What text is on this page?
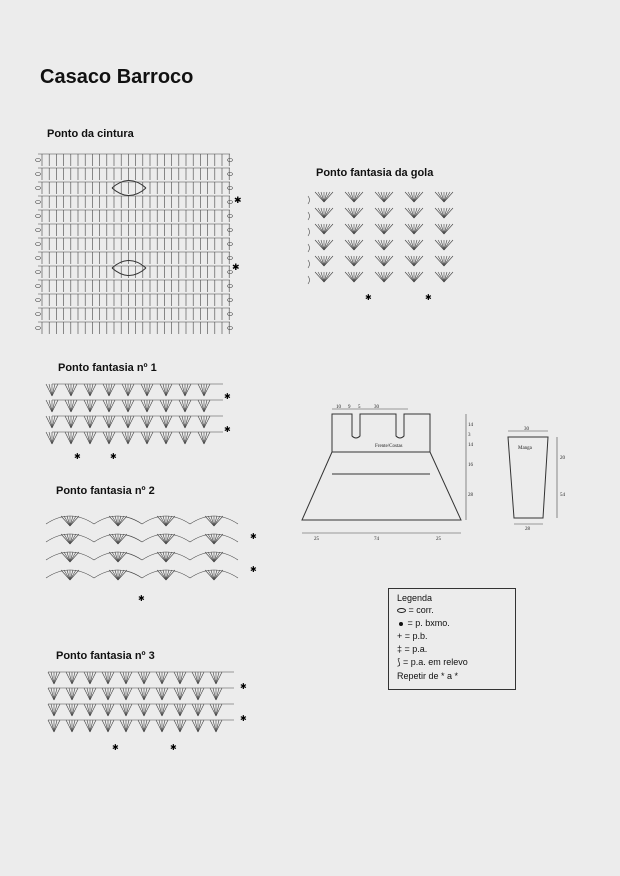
Casaco Barroco
Ponto da cintura
✱
✱
Ponto fantasia da gola
✱	✱
Ponto fantasia nº 1
✱
✱
✱	✱
Ponto fantasia nº 2
✱
✱
✱
Ponto fantasia nº 3
✱
✱
✱	✱
10 9 5	30
Frente/Costas
14
3
14
16
28
25	74	25
30
Manga
20
54
28
Legenda
= corr.
= p. bxmo.
+ = p.b.
‡ = p.a.
⟆ = p.a. em relevo
Repetir de * a *
